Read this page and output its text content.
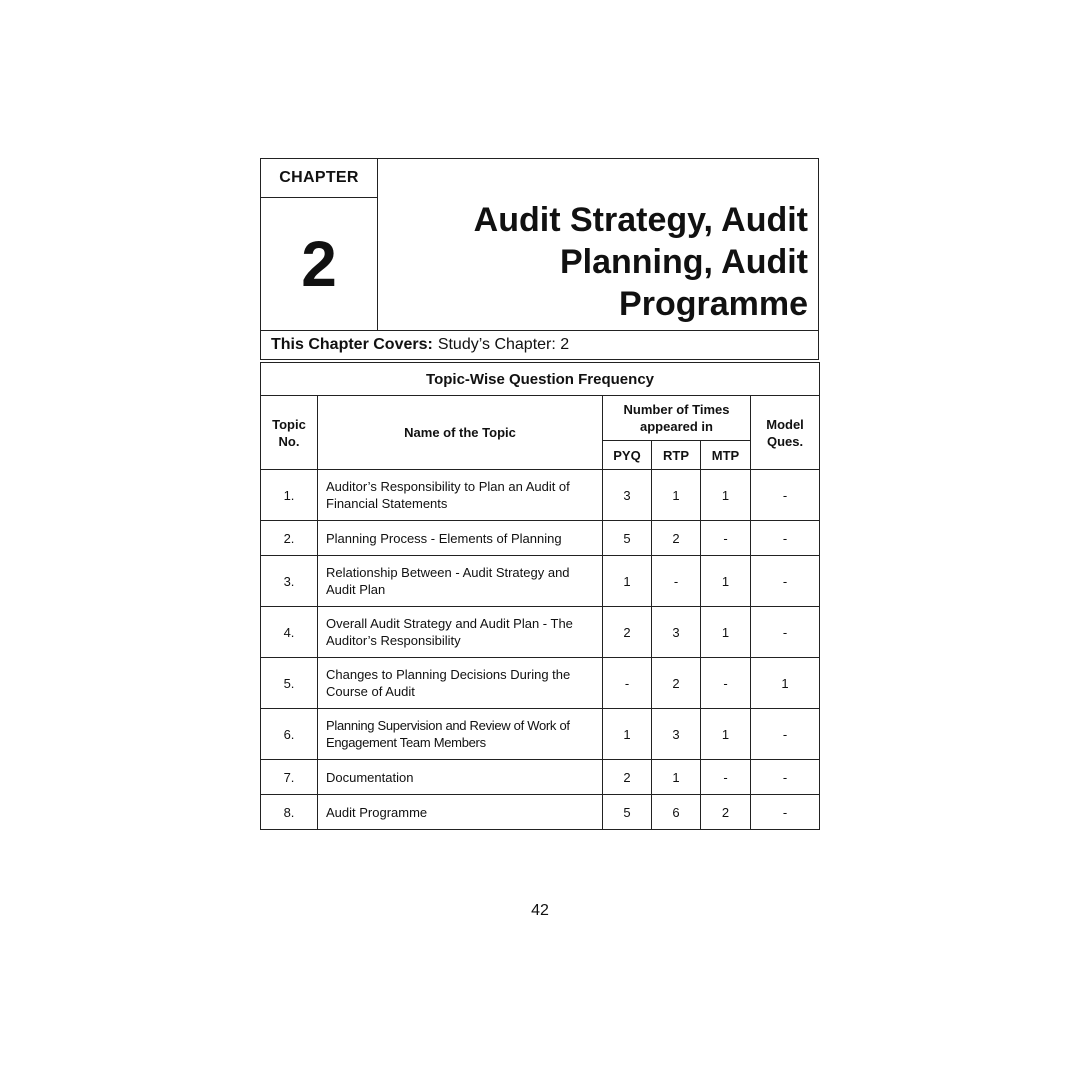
CHAPTER
2
Audit Strategy, Audit
Planning, Audit
Programme
This Chapter Covers: Study’s Chapter: 2
Topic-Wise Question Frequency					
Topic No.	Name of the Topic	Number of Times appeared in			Model Ques.
		PYQ	RTP	MTP	
1.	Auditor’s Responsibility to Plan an Audit of Financial Statements	3	1	1	-
2.	Planning Process - Elements of Planning	5	2	-	-
3.	Relationship Between - Audit Strategy and Audit Plan	1	-	1	-
4.	Overall Audit Strategy and Audit Plan - The Auditor’s Responsibility	2	3	1	-
5.	Changes to Planning Decisions During the Course of Audit	-	2	-	1
6.	Planning Supervision and Review of Work of Engagement Team Members	1	3	1	-
7.	Documentation	2	1	-	-
8.	Audit Programme	5	6	2	-
42
